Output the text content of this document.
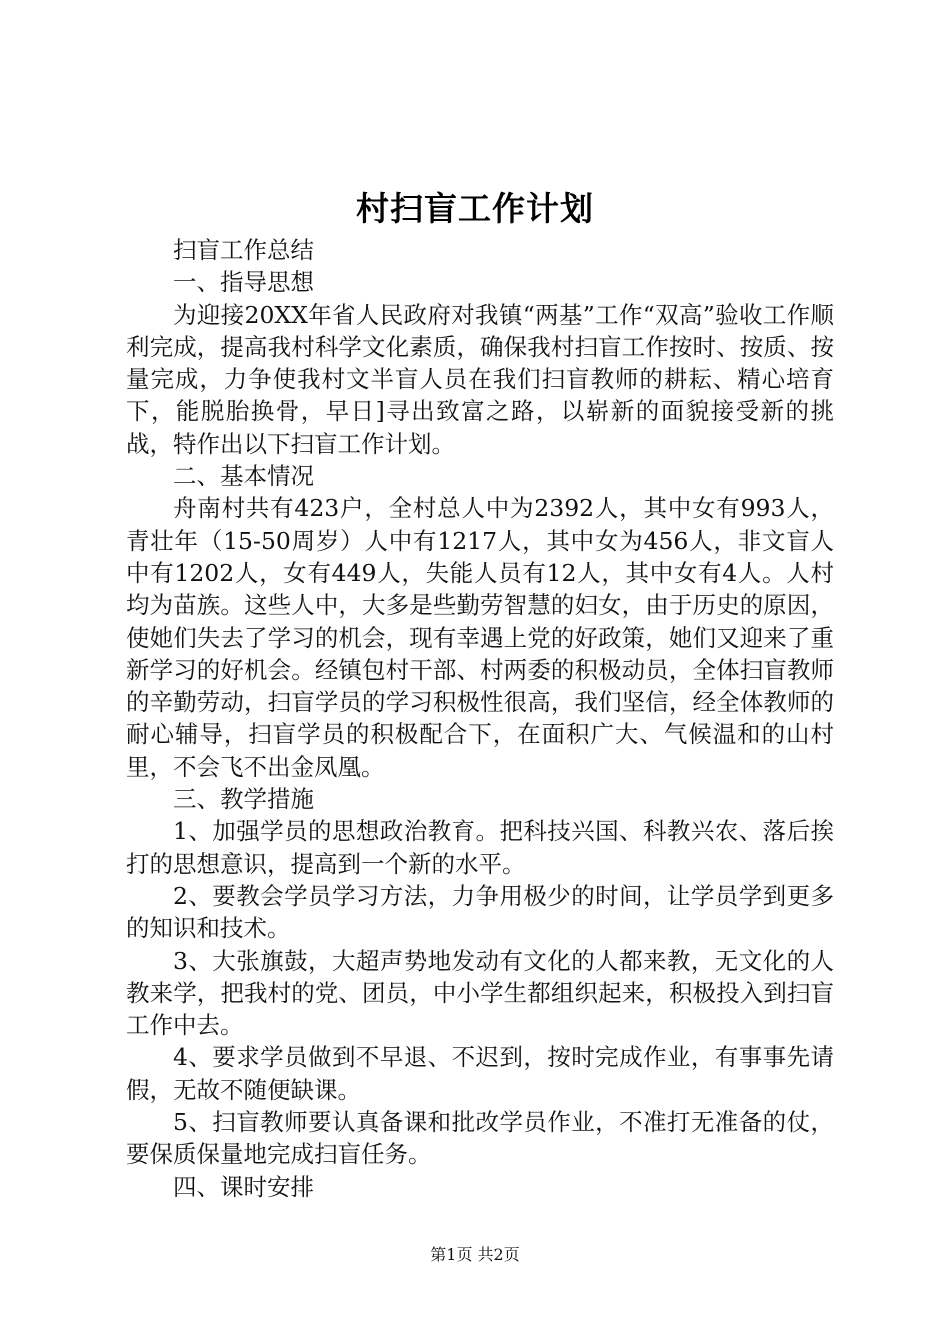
村扫盲工作计划

扫盲工作总结

一、指导思想

为迎接20XX年省人民政府对我镇“两基”工作“双高”验收工作顺利完成，提高我村科学文化素质，确保我村扫盲工作按时、按质、按量完成，力争使我村文半盲人员在我们扫盲教师的耕耘、精心培育下，能脱胎换骨，早日]寻出致富之路，以崭新的面貌接受新的挑战，特作出以下扫盲工作计划。

二、基本情况

舟南村共有423户，全村总人中为2392人，其中女有993人，青壮年（15-50周岁）人中有1217人，其中女为456人，非文盲人中有1202人，女有449人，失能人员有12人，其中女有4人。人村均为苗族。这些人中，大多是些勤劳智慧的妇女，由于历史的原因，使她们失去了学习的机会，现有幸遇上党的好政策，她们又迎来了重新学习的好机会。经镇包村干部、村两委的积极动员，全体扫盲教师的辛勤劳动，扫盲学员的学习积极性很高，我们坚信，经全体教师的耐心辅导，扫盲学员的积极配合下，在面积广大、气候温和的山村里，不会飞不出金凤凰。

三、教学措施

1、加强学员的思想政治教育。把科技兴国、科教兴农、落后挨打的思想意识，提高到一个新的水平。

2、要教会学员学习方法，力争用极少的时间，让学员学到更多的知识和技术。

3、大张旗鼓，大超声势地发动有文化的人都来教，无文化的人教来学，把我村的党、团员，中小学生都组织起来，积极投入到扫盲工作中去。

4、要求学员做到不早退、不迟到，按时完成作业，有事事先请假，无故不随便缺课。

5、扫盲教师要认真备课和批改学员作业，不准打无准备的仗，要保质保量地完成扫盲任务。

四、课时安排

第1页 共2页
